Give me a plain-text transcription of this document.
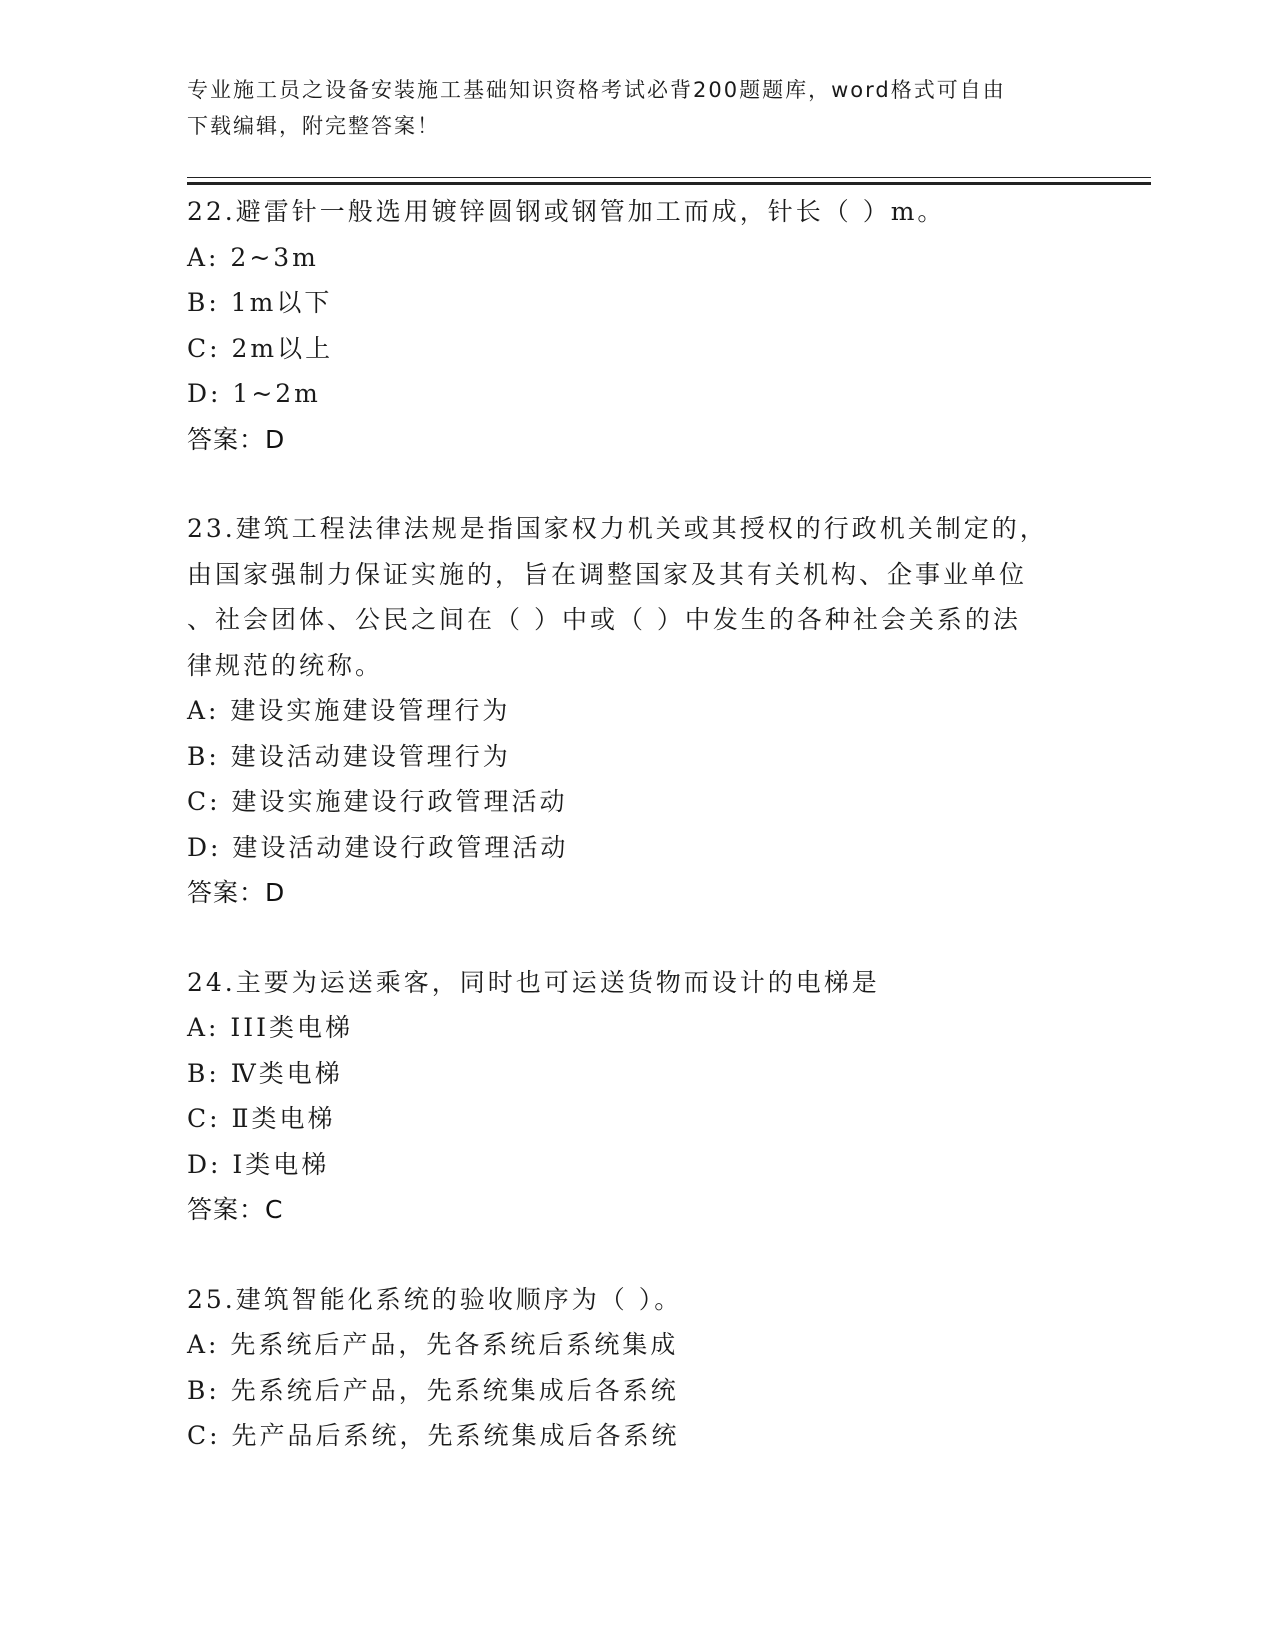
专业施工员之设备安装施工基础知识资格考试必背200题题库，word格式可自由
下载编辑，附完整答案！
22.避雷针一般选用镀锌圆钢或钢管加工而成，针长（ ）m。
A: 2~3m
B: 1m以下
C: 2m以上
D: 1~2m
答案：D
23.建筑工程法律法规是指国家权力机关或其授权的行政机关制定的，
由国家强制力保证实施的，旨在调整国家及其有关机构、企事业单位
、社会团体、公民之间在（ ）中或（ ）中发生的各种社会关系的法
律规范的统称。
A: 建设实施建设管理行为
B: 建设活动建设管理行为
C: 建设实施建设行政管理活动
D: 建设活动建设行政管理活动
答案：D
24.主要为运送乘客，同时也可运送货物而设计的电梯是
A: III类电梯
B: Ⅳ类电梯
C: Ⅱ类电梯
D: I类电梯
答案：C
25.建筑智能化系统的验收顺序为（ ）。
A: 先系统后产品，先各系统后系统集成
B: 先系统后产品，先系统集成后各系统
C: 先产品后系统，先系统集成后各系统
